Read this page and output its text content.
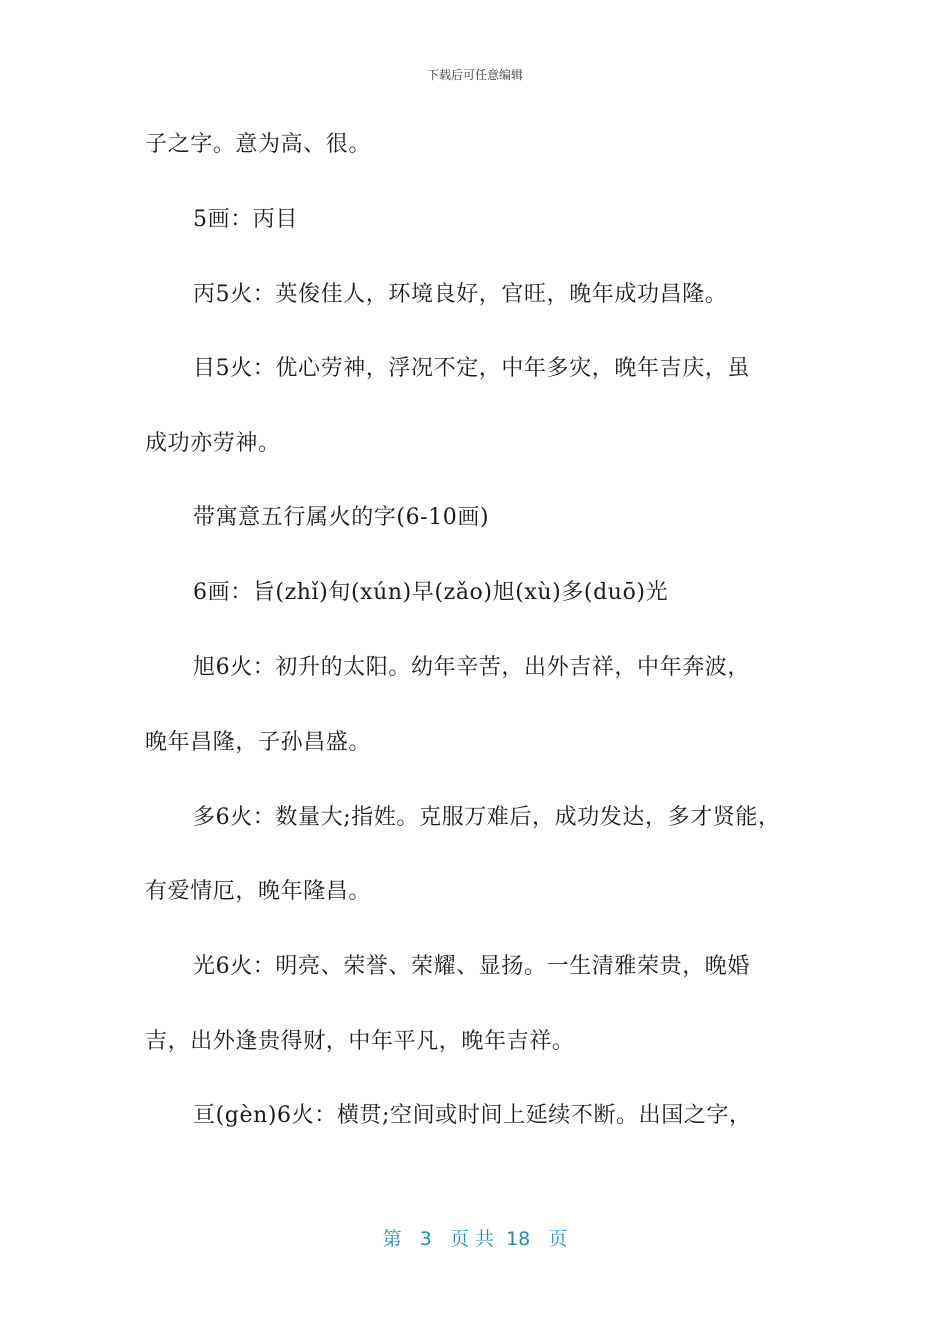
下载后可任意编辑
子之字。意为高、很。
5画：丙目
丙5火：英俊佳人，环境良好，官旺，晚年成功昌隆。
目5火：优心劳神，浮况不定，中年多灾，晚年吉庆，虽
成功亦劳神。
带寓意五行属火的字(6-10画)
6画：旨(zhǐ)旬(xún)早(zǎo)旭(xù)多(duō)光
旭6火：初升的太阳。幼年辛苦，出外吉祥，中年奔波，
晚年昌隆，子孙昌盛。
多6火：数量大;指姓。克服万难后，成功发达，多才贤能，
有爱情厄，晚年隆昌。
光6火：明亮、荣誉、荣耀、显扬。一生清雅荣贵，晚婚
吉，出外逢贵得财，中年平凡，晚年吉祥。
亘(gèn)6火：横贯;空间或时间上延续不断。出国之字，
第 3 页 共 18 页
